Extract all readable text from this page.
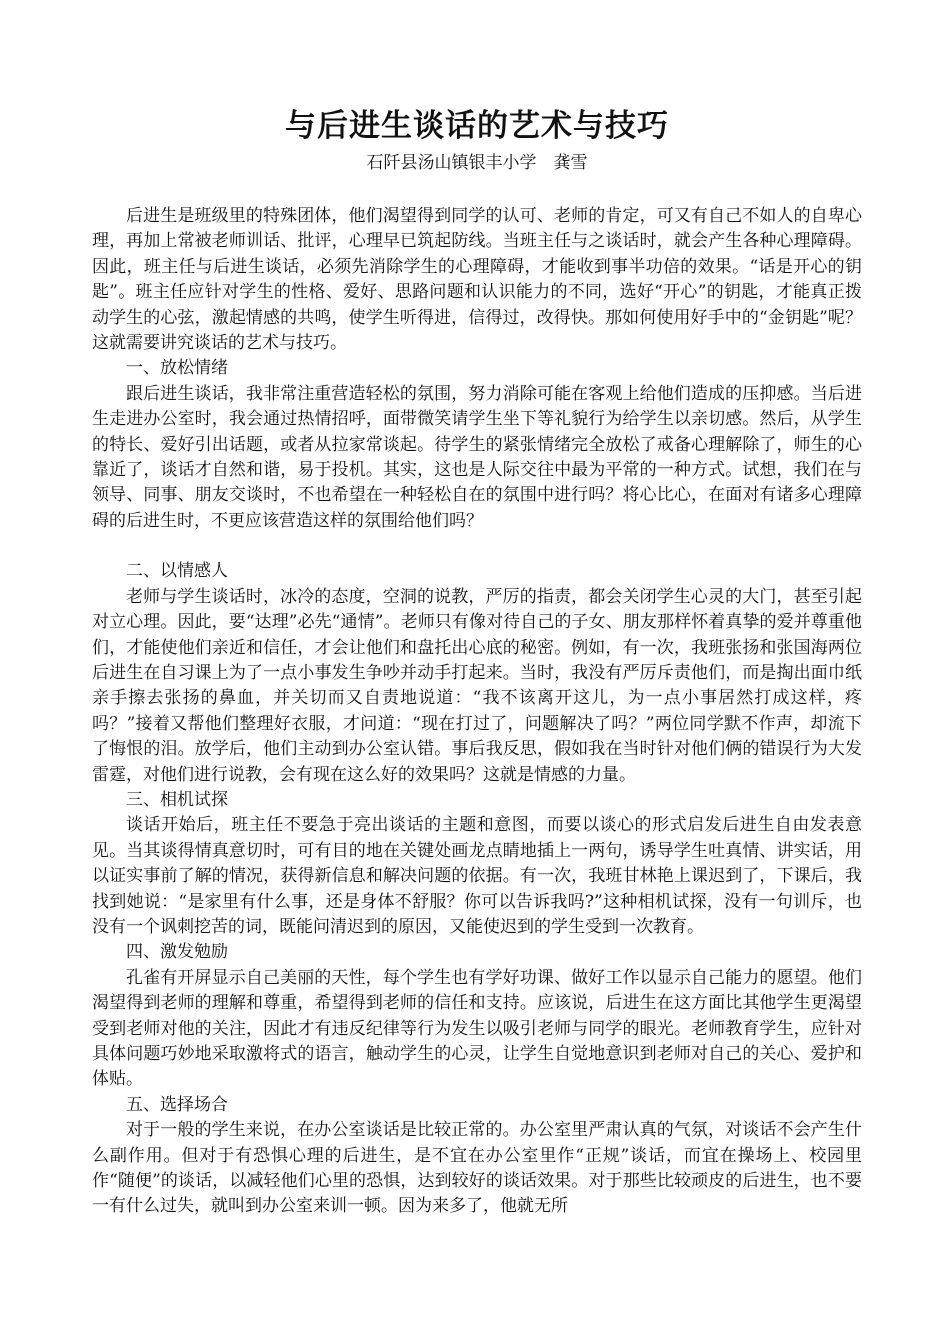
与后进生谈话的艺术与技巧
石阡县汤山镇银丰小学　龚雪

后进生是班级里的特殊团体，他们渴望得到同学的认可、老师的肯定，可又有自己不如人的自卑心理，再加上常被老师训话、批评，心理早已筑起防线。当班主任与之谈话时，就会产生各种心理障碍。 因此，班主任与后进生谈话，必须先消除学生的心理障碍，才能收到事半功倍的效果。“话是开心的钥匙”。班主任应针对学生的性格、爱好、思路问题和认识能力的不同，选好“开心”的钥匙，才能真正拨动学生的心弦，激起情感的共鸣，使学生听得进，信得过，改得快。那如何使用好手中的“金钥匙”呢？这就需要讲究谈话的艺术与技巧。

一、放松情绪

跟后进生谈话，我非常注重营造轻松的氛围，努力消除可能在客观上给他们造成的压抑感。当后进生走进办公室时，我会通过热情招呼，面带微笑请学生坐下等礼貌行为给学生以亲切感。然后，从学生的特长、爱好引出话题，或者从拉家常谈起。待学生的紧张情绪完全放松了戒备心理解除了，师生的心靠近了，谈话才自然和谐，易于投机。其实，这也是人际交往中最为平常的一种方式。试想，我们在与领导、同事、朋友交谈时，不也希望在一种轻松自在的氛围中进行吗？将心比心，在面对有诸多心理障碍的后进生时，不更应该营造这样的氛围给他们吗？

二、以情感人

老师与学生谈话时，冰冷的态度，空洞的说教，严厉的指责，都会关闭学生心灵的大门，甚至引起对立心理。因此，要“达理”必先“通情”。老师只有像对待自己的子女、朋友那样怀着真挚的爱并尊重他们，才能使他们亲近和信任，才会让他们和盘托出心底的秘密。例如，有一次，我班张扬和张国海两位后进生在自习课上为了一点小事发生争吵并动手打起来。当时，我没有严厉斥责他们，而是掏出面巾纸亲手擦去张扬的鼻血，并关切而又自责地说道：“我不该离开这儿，为一点小事居然打成这样，疼吗？”接着又帮他们整理好衣服，才问道：“现在打过了，问题解决了吗？”两位同学默不作声，却流下了悔恨的泪。放学后，他们主动到办公室认错。事后我反思，假如我在当时针对他们俩的错误行为大发雷霆，对他们进行说教，会有现在这么好的效果吗？这就是情感的力量。

三、相机试探

谈话开始后，班主任不要急于亮出谈话的主题和意图，而要以谈心的形式启发后进生自由发表意见。当其谈得情真意切时，可有目的地在关键处画龙点睛地插上一两句，诱导学生吐真情、讲实话，用以证实事前了解的情况，获得新信息和解决问题的依据。有一次，我班甘林艳上课迟到了，下课后，我找到她说：“是家里有什么事，还是身体不舒服？你可以告诉我吗?”这种相机试探，没有一句训斥，也没有一个讽刺挖苦的词，既能问清迟到的原因，又能使迟到的学生受到一次教育。

四、激发勉励

孔雀有开屏显示自己美丽的天性，每个学生也有学好功课、做好工作以显示自己能力的愿望。他们渴望得到老师的理解和尊重，希望得到老师的信任和支持。应该说，后进生在这方面比其他学生更渴望受到老师对他的关注，因此才有违反纪律等行为发生以吸引老师与同学的眼光。老师教育学生，应针对具体问题巧妙地采取激将式的语言，触动学生的心灵，让学生自觉地意识到老师对自己的关心、爱护和体贴。

五、选择场合

对于一般的学生来说，在办公室谈话是比较正常的。办公室里严肃认真的气氛，对谈话不会产生什么副作用。但对于有恐惧心理的后进生，是不宜在办公室里作“正规”谈话，而宜在操场上、校园里作“随便”的谈话，以减轻他们心里的恐惧，达到较好的谈话效果。对于那些比较顽皮的后进生，也不要一有什么过失，就叫到办公室来训一顿。因为来多了，他就无所
